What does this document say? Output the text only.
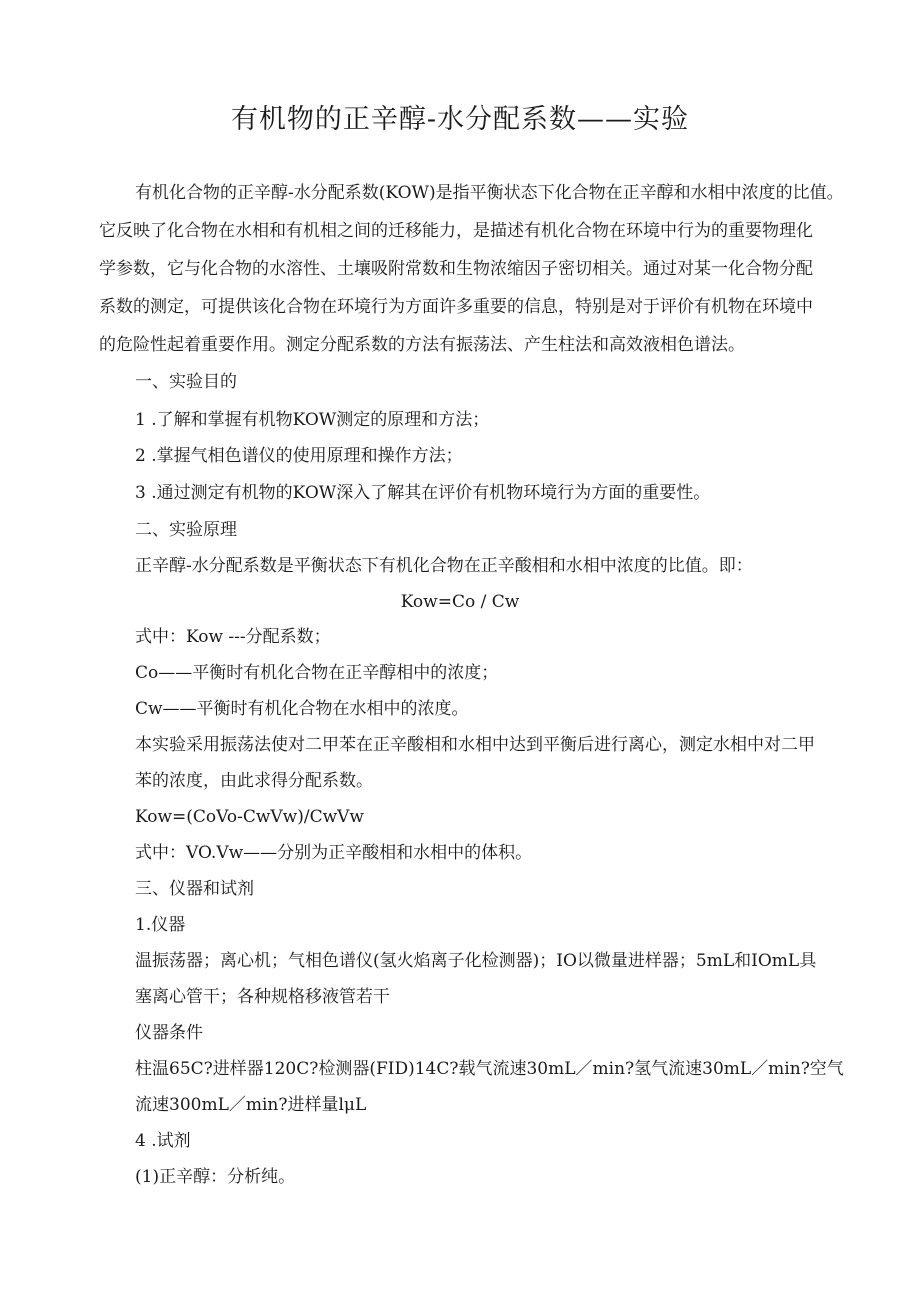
有机物的正辛醇-水分配系数——实验
有机化合物的正辛醇-水分配系数(KOW)是指平衡状态下化合物在正辛醇和水相中浓度的比值。
它反映了化合物在水相和有机相之间的迁移能力，是描述有机化合物在环境中行为的重要物理化
学参数，它与化合物的水溶性、土壤吸附常数和生物浓缩因子密切相关。通过对某一化合物分配
系数的测定，可提供该化合物在环境行为方面许多重要的信息，特别是对于评价有机物在环境中
的危险性起着重要作用。测定分配系数的方法有振荡法、产生柱法和高效液相色谱法。
一、实验目的
1 .了解和掌握有机物KOW测定的原理和方法；
2 .掌握气相色谱仪的使用原理和操作方法；
3 .通过测定有机物的KOW深入了解其在评价有机物环境行为方面的重要性。
二、实验原理
正辛醇-水分配系数是平衡状态下有机化合物在正辛酸相和水相中浓度的比值。即：
Kow=Co / Cw
式中：Kow ---分配系数；
Co——平衡时有机化合物在正辛醇相中的浓度；
Cw——平衡时有机化合物在水相中的浓度。
本实验采用振荡法使对二甲苯在正辛酸相和水相中达到平衡后进行离心，测定水相中对二甲
苯的浓度，由此求得分配系数。
Kow=(CoVo-CwVw)/CwVw
式中：VO.Vw——分别为正辛酸相和水相中的体积。
三、仪器和试剂
1.仪器
温振荡器；离心机；气相色谱仪(氢火焰离子化检测器)；IO以微量进样器；5mL和IOmL具
塞离心管干；各种规格移液管若干
仪器条件
柱温65C?进样器120C?检测器(FID)14C?载气流速30mL／min?氢气流速30mL／min?空气
流速300mL／min?进样量lμL
4 .试剂
(1)正辛醇：分析纯。
